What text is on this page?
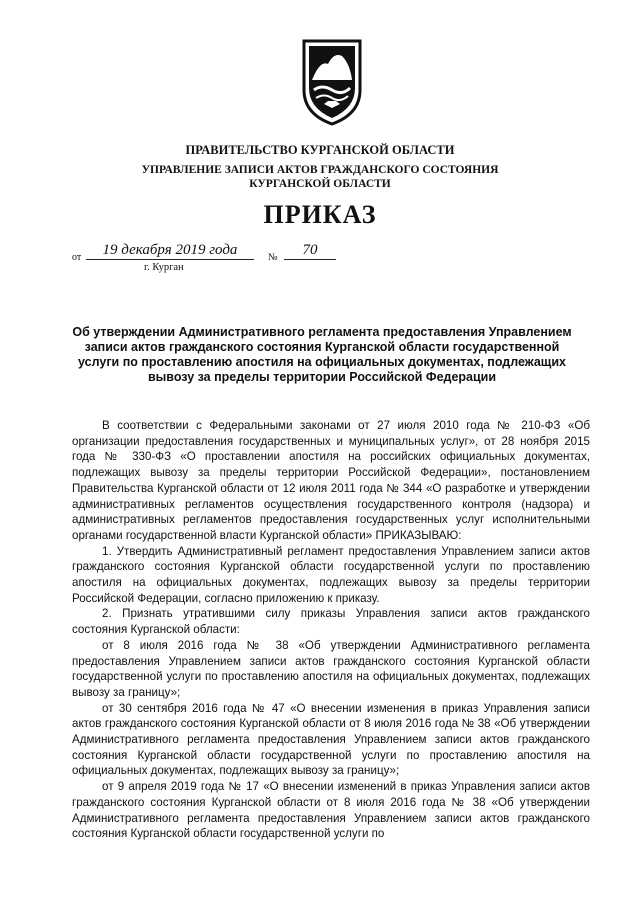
ПРАВИТЕЛЬСТВО КУРГАНСКОЙ ОБЛАСТИ
УПРАВЛЕНИЕ ЗАПИСИ АКТОВ ГРАЖДАНСКОГО СОСТОЯНИЯ
КУРГАНСКОЙ ОБЛАСТИ
ПРИКАЗ
от	19 декабря 2019 года	№	70
г. Курган
Об утверждении Административного регламента предоставления Управлением записи актов гражданского состояния Курганской области государственной услуги по проставлению апостиля на официальных документах, подлежащих вывозу за пределы территории Российской Федерации

В соответствии с Федеральными законами от 27 июля 2010 года № 210-ФЗ «Об организации предоставления государственных и муниципальных услуг», от 28 ноября 2015 года № 330-ФЗ «О проставлении апостиля на российских официальных документах, подлежащих вывозу за пределы территории Российской Федерации», постановлением Правительства Курганской области от 12 июля 2011 года № 344 «О разработке и утверждении административных регламентов осуществления государственного контроля (надзора) и административных регламентов предоставления государственных услуг исполнительными органами государственной власти Курганской области» ПРИКАЗЫВАЮ:

1. Утвердить Административный регламент предоставления Управлением записи актов гражданского состояния Курганской области государственной услуги по проставлению апостиля на официальных документах, подлежащих вывозу за пределы территории Российской Федерации, согласно приложению к приказу.

2. Признать утратившими силу приказы Управления записи актов гражданского состояния Курганской области:

от 8 июля 2016 года № 38 «Об утверждении Административного регламента предоставления Управлением записи актов гражданского состояния Курганской области государственной услуги по проставлению апостиля на официальных документах, подлежащих вывозу за границу»;

от 30 сентября 2016 года № 47 «О внесении изменения в приказ Управления записи актов гражданского состояния Курганской области от 8 июля 2016 года № 38 «Об утверждении Административного регламента предоставления Управлением записи актов гражданского состояния Курганской области государственной услуги по проставлению апостиля на официальных документах, подлежащих вывозу за границу»;

от 9 апреля 2019 года № 17 «О внесении изменений в приказ Управления записи актов гражданского состояния Курганской области от 8 июля 2016 года № 38 «Об утверждении Административного регламента предоставления Управлением записи актов гражданского состояния Курганской области государственной услуги по
